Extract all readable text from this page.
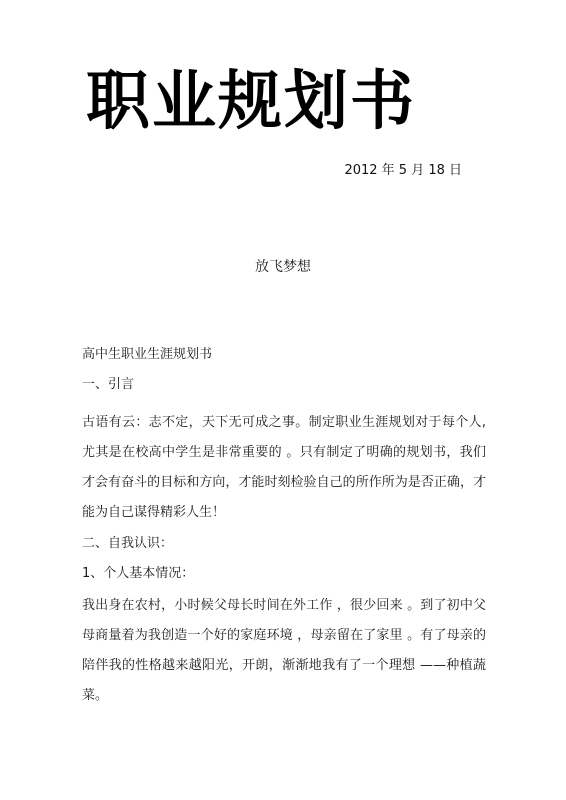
职业规划书
2012 年 5 月 18 日
放飞梦想

高中生职业生涯规划书

一、引言

古语有云：志不定，天下无可成之事。制定职业生涯规划对于每个人,尤其是在校高中学生是非常重要的 。只有制定了明确的规划书，我们才会有奋斗的目标和方向，才能时刻检验自己的所作所为是否正确，才能为自己谋得精彩人生！

二、自我认识：

1、个人基本情况：

我出身在农村，小时候父母长时间在外工作 ，很少回来 。到了初中父母商量着为我创造一个好的家庭环境 ，母亲留在了家里 。有了母亲的陪伴我的性格越来越阳光，开朗，渐渐地我有了一个理想 ——种植蔬菜。
